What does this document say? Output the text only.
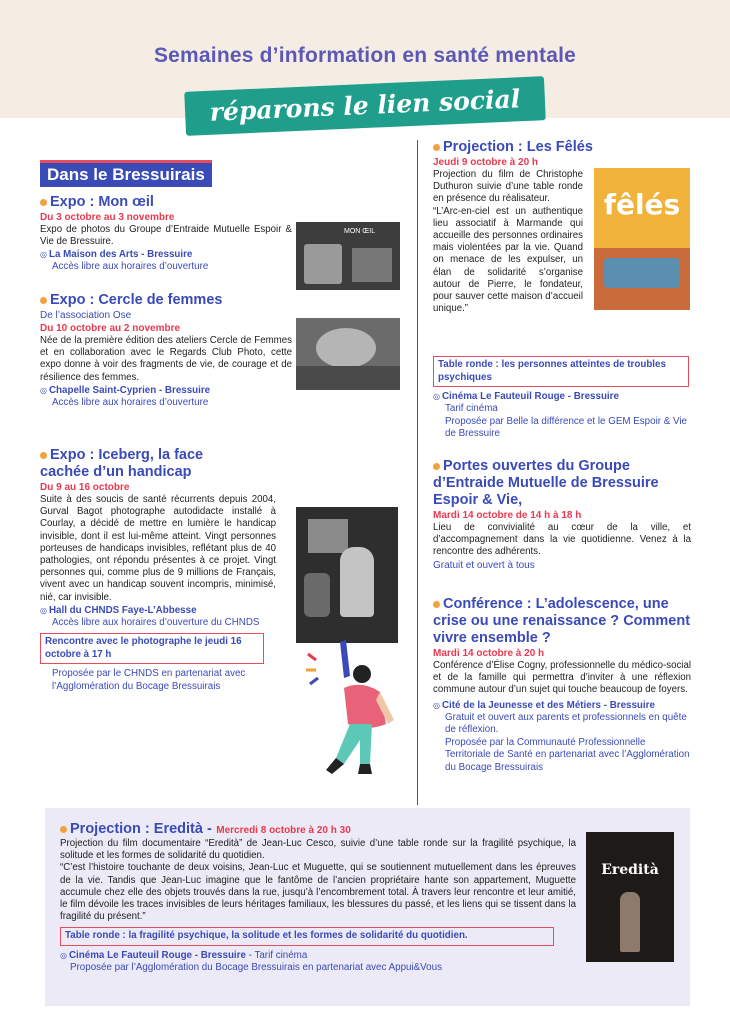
Semaines d’information en santé mentale
réparons le lien social
Dans le Bressuirais
Expo : Mon œil
Du 3 octobre au 3 novembre
Expo de photos du Groupe d’Entraide Mutuelle Espoir & Vie de Bressuire.
◎ La Maison des Arts - Bressuire
Accès libre aux horaires d’ouverture
MON ŒIL
Expo : Cercle de femmes
De l’association Ose
Du 10 octobre au 2 novembre
Née de la première édition des ateliers Cercle de Femmes et en collaboration avec le Regards Club Photo, cette expo donne à voir des fragments de vie, de courage et de résilience des femmes.
◎ Chapelle Saint-Cyprien - Bressuire
Accès libre aux horaires d’ouverture
Expo : Iceberg, la face
cachée d’un handicap
Du 9 au 16 octobre
Suite à des soucis de santé récurrents depuis 2004, Gurval Bagot photographe autodidacte installé à Courlay, a décidé de mettre en lumière le handicap invisible, dont il est lui-même atteint. Vingt personnes porteuses de handicaps invisibles, reflétant plus de 40 pathologies, ont répondu présentes à ce projet. Vingt personnes qui, comme plus de 9 millions de Français, vivent avec un handicap souvent incompris, minimisé, nié, car invisible.
◎ Hall du CHNDS Faye-L’Abbesse
Accès libre aux horaires d’ouverture du CHNDS
Rencontre avec le photographe le jeudi 16 octobre à 17 h
Proposée par le CHNDS en partenariat avec l’Agglomération du Bocage Bressuirais
Projection : Les Fêlés
Jeudi 9 octobre à 20 h
Projection du film de Christophe Duthuron suivie d’une table ronde en présence du réalisateur.
“L’Arc-en-ciel est un authentique lieu associatif à Marmande qui accueille des personnes ordinaires mais violentées par la vie. Quand on menace de les expulser, un élan de solidarité s’organise autour de Pierre, le fondateur, pour sauver cette maison d’accueil unique.”
fêlés
Table ronde : les personnes atteintes de troubles psychiques
◎ Cinéma Le Fauteuil Rouge - Bressuire
Tarif cinéma
Proposée par Belle la différence et le GEM Espoir & Vie de Bressuire
Portes ouvertes du Groupe d’Entraide Mutuelle de Bressuire Espoir & Vie,
Mardi 14 octobre de 14 h à 18 h
Lieu de convivialité au cœur de la ville, et d’accompagnement dans la vie quotidienne. Venez à la rencontre des adhérents.
Gratuit et ouvert à tous
Conférence : L’adolescence, une crise ou une renaissance ? Comment vivre ensemble ?
Mardi 14 octobre à 20 h
Conférence d’Élise Cogny, professionnelle du médico-social et de la famille qui permettra d’inviter à une réflexion commune autour d’un sujet qui touche beaucoup de foyers.
◎ Cité de la Jeunesse et des Métiers - Bressuire
Gratuit et ouvert aux parents et professionnels en quête de réflexion.
Proposée par la Communauté Professionnelle Territoriale de Santé en partenariat avec l’Agglomération du Bocage Bressuirais
Projection : Eredità - Mercredi 8 octobre à 20 h 30
Projection du film documentaire “Eredità” de Jean-Luc Cesco, suivie d’une table ronde sur la fragilité psychique, la solitude et les formes de solidarité du quotidien.
“C’est l’histoire touchante de deux voisins, Jean-Luc et Muguette, qui se soutiennent mutuellement dans les épreuves de la vie. Tandis que Jean-Luc imagine que le fantôme de l’ancien propriétaire hante son appartement, Muguette accumule chez elle des objets trouvés dans la rue, jusqu’à l’encombrement total. À travers leur rencontre et leur amitié, le film dévoile les traces invisibles de leurs héritages familiaux, les blessures du passé, et les liens qui se tissent dans la fragilité du présent.”
Table ronde : la fragilité psychique, la solitude et les formes de solidarité du quotidien.
◎ Cinéma Le Fauteuil Rouge - Bressuire - Tarif cinéma
Proposée par l’Agglomération du Bocage Bressuirais en partenariat avec Appui&Vous
Eredità
